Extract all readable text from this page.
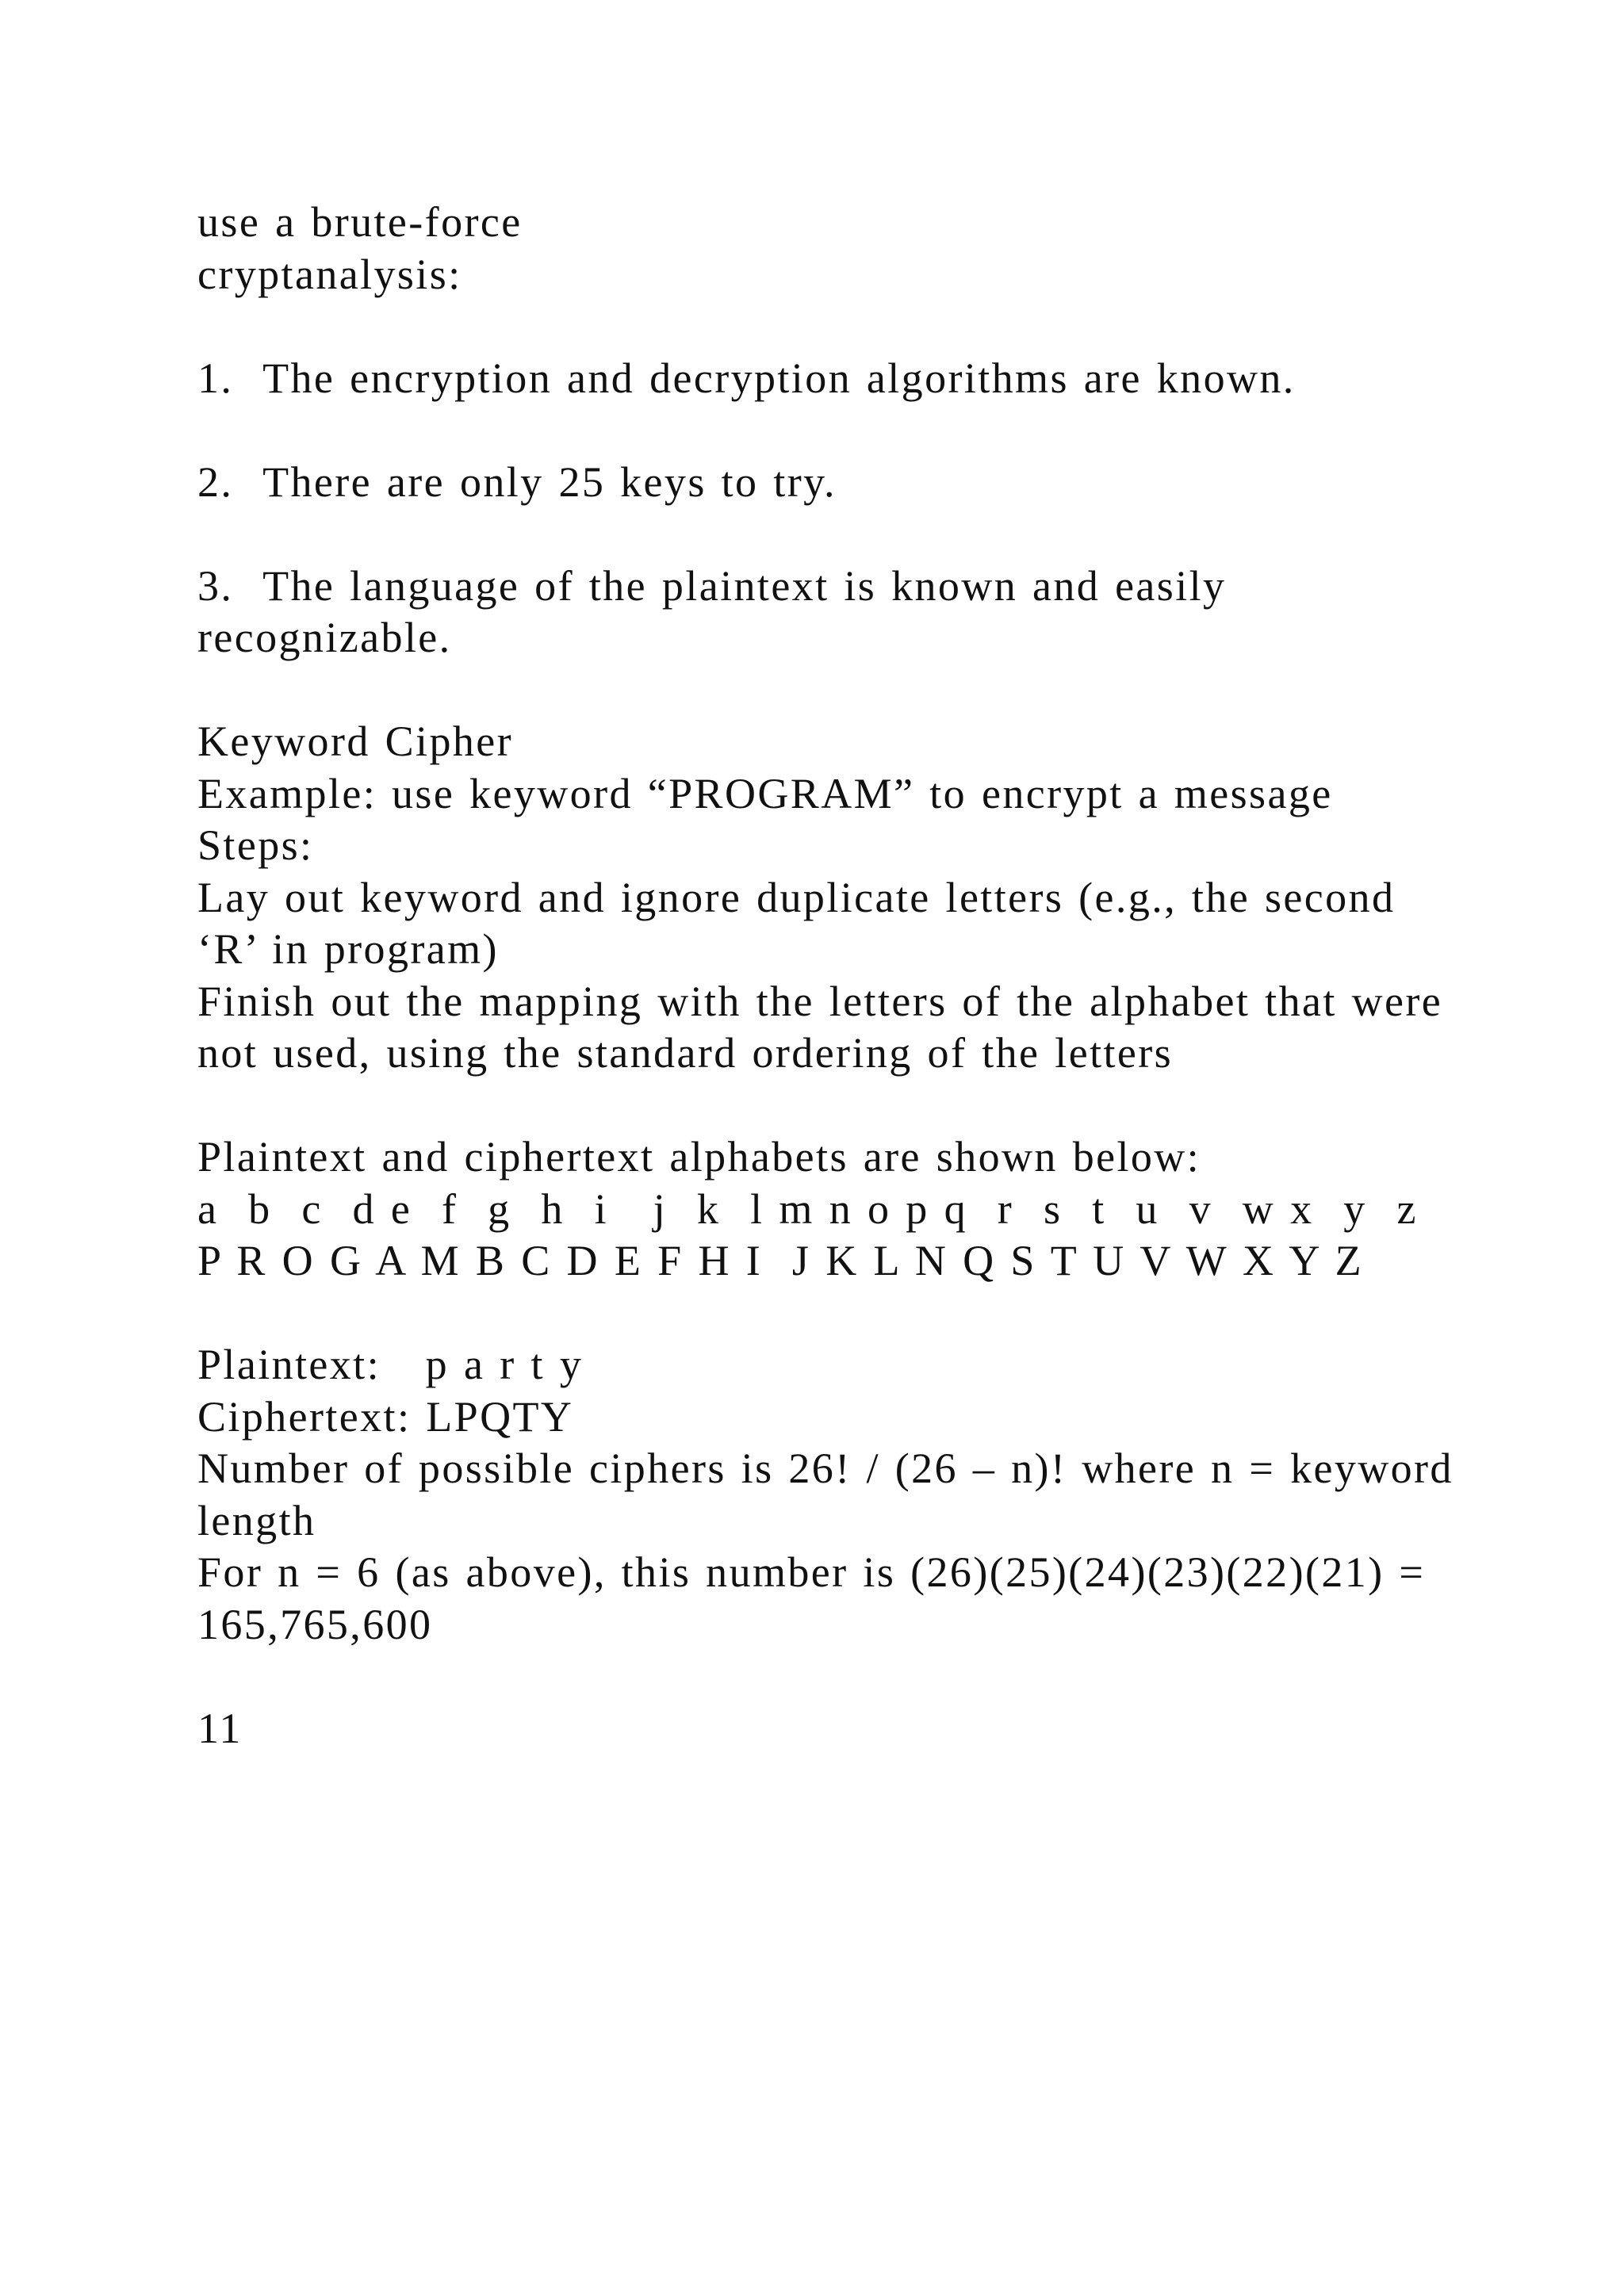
use a brute-force
cryptanalysis:
1.  The encryption and decryption algorithms are known.
2.  There are only 25 keys to try.
3.  The language of the plaintext is known and easily
recognizable.
Keyword Cipher
Example: use keyword “PROGRAM” to encrypt a message
Steps:
Lay out keyword and ignore duplicate letters (e.g., the second
‘R’ in program)
Finish out the mapping with the letters of the alphabet that were
not used, using the standard ordering of the letters
Plaintext and ciphertext alphabets are shown below:
a  b  c  d e  f  g  h  i   j  k  l m n o p q  r  s  t  u  v  w x  y  z
P R O G A M B C D E F H I  J K L N Q S T U V W X Y Z
Plaintext:   p a r t y
Ciphertext: LPQTY
Number of possible ciphers is 26! / (26 – n)! where n = keyword
length
For n = 6 (as above), this number is (26)(25)(24)(23)(22)(21) =
165,765,600
11
